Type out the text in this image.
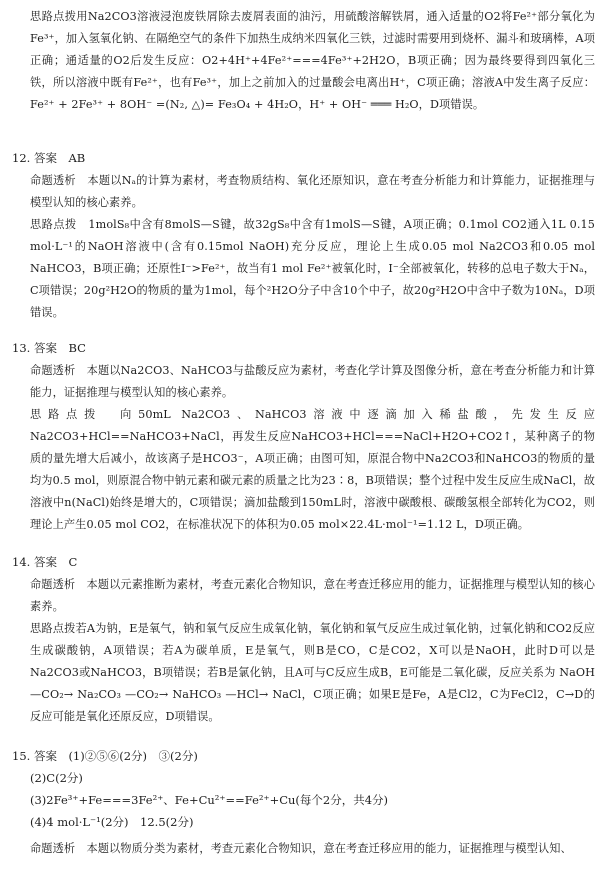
思路点拨用Na2CO3溶液浸泡废铁屑除去废屑表面的油污，用硫酸溶解铁屑，通入适量的O2将Fe²⁺部分氧化为Fe³⁺，加入氢氧化钠、在隔绝空气的条件下加热生成纳米四氧化三铁，过滤时需要用到烧杯、漏斗和玻璃棒，A项正确；通适量的O2后发生反应：O2+4H⁺+4Fe²⁺===4Fe³⁺+2H2O，B项正确；因为最终要得到四氧化三铁，所以溶液中既有Fe²⁺，也有Fe³⁺，加上之前加入的过量酸会电离出H⁺，C项正确；溶液A中发生离子反应：Fe²⁺ + 2Fe³⁺ + 8OH⁻ =(N₂, △)= Fe₃O₄ + 4H₂O，H⁺ + OH⁻ ═══ H₂O，D项错误。

12. 答案　AB

命题透析　本题以Nₐ的计算为素材，考查物质结构、氧化还原知识，意在考查分析能力和计算能力，证据推理与模型认知的核心素养。

思路点拨　1molS₈中含有8molS—S键，故32gS₈中含有1molS—S键，A项正确；0.1mol CO2通入1L 0.15 mol·L⁻¹的NaOH溶液中(含有0.15mol NaOH)充分反应，理论上生成0.05 mol Na2CO3和0.05 mol NaHCO3，B项正确；还原性I⁻>Fe²⁺，故当有1 mol Fe²⁺被氧化时，I⁻全部被氧化，转移的总电子数大于Nₐ，C项错误；20g²H2O的物质的量为1mol，每个²H2O分子中含10个中子，故20g²H2O中含中子数为10Nₐ，D项错误。

13. 答案　BC

命题透析　本题以Na2CO3、NaHCO3与盐酸反应为素材，考查化学计算及图像分析，意在考查分析能力和计算能力，证据推理与模型认知的核心素养。

思路点拨　向50mL Na2CO3、NaHCO3溶液中逐滴加入稀盐酸，先发生反应Na2CO3+HCl==NaHCO3+NaCl，再发生反应NaHCO3+HCl===NaCl+H2O+CO2↑，某种离子的物质的量先增大后减小，故该离子是HCO3⁻，A项正确；由图可知，原混合物中Na2CO3和NaHCO3的物质的量均为0.5 mol，则原混合物中钠元素和碳元素的质量之比为23∶8，B项错误；整个过程中发生反应生成NaCl，故溶液中n(NaCl)始终是增大的，C项错误；滴加盐酸到150mL时，溶液中碳酸根、碳酸氢根全部转化为CO2，则理论上产生0.05 mol CO2，在标准状况下的体积为0.05 mol×22.4L·mol⁻¹=1.12 L，D项正确。

14. 答案　C

命题透析　本题以元素推断为素材，考查元素化合物知识，意在考查迁移应用的能力，证据推理与模型认知的核心素养。

思路点拨若A为钠，E是氧气，钠和氧气反应生成氧化钠，氧化钠和氧气反应生成过氧化钠，过氧化钠和CO2反应生成碳酸钠，A项错误；若A为碳单质，E是氧气，则B是CO，C是CO2，X可以是NaOH，此时D可以是Na2CO3或NaHCO3，B项错误；若B是氯化钠，且A可与C反应生成B，E可能是二氧化碳，反应关系为 NaOH —CO₂→ Na₂CO₃ —CO₂→ NaHCO₃ —HCl→ NaCl，C项正确；如果E是Fe，A是Cl2，C为FeCl2，C→D的反应可能是氧化还原反应，D项错误。

15. 答案　(1)②⑤⑥(2分)　③(2分)

(2)C(2分)

(3)2Fe³⁺+Fe===3Fe²⁺、Fe+Cu²⁺==Fe²⁺+Cu(每个2分，共4分)

(4)4 mol·L⁻¹(2分)　12.5(2分)

命题透析　本题以物质分类为素材，考查元素化合物知识，意在考查迁移应用的能力，证据推理与模型认知、
